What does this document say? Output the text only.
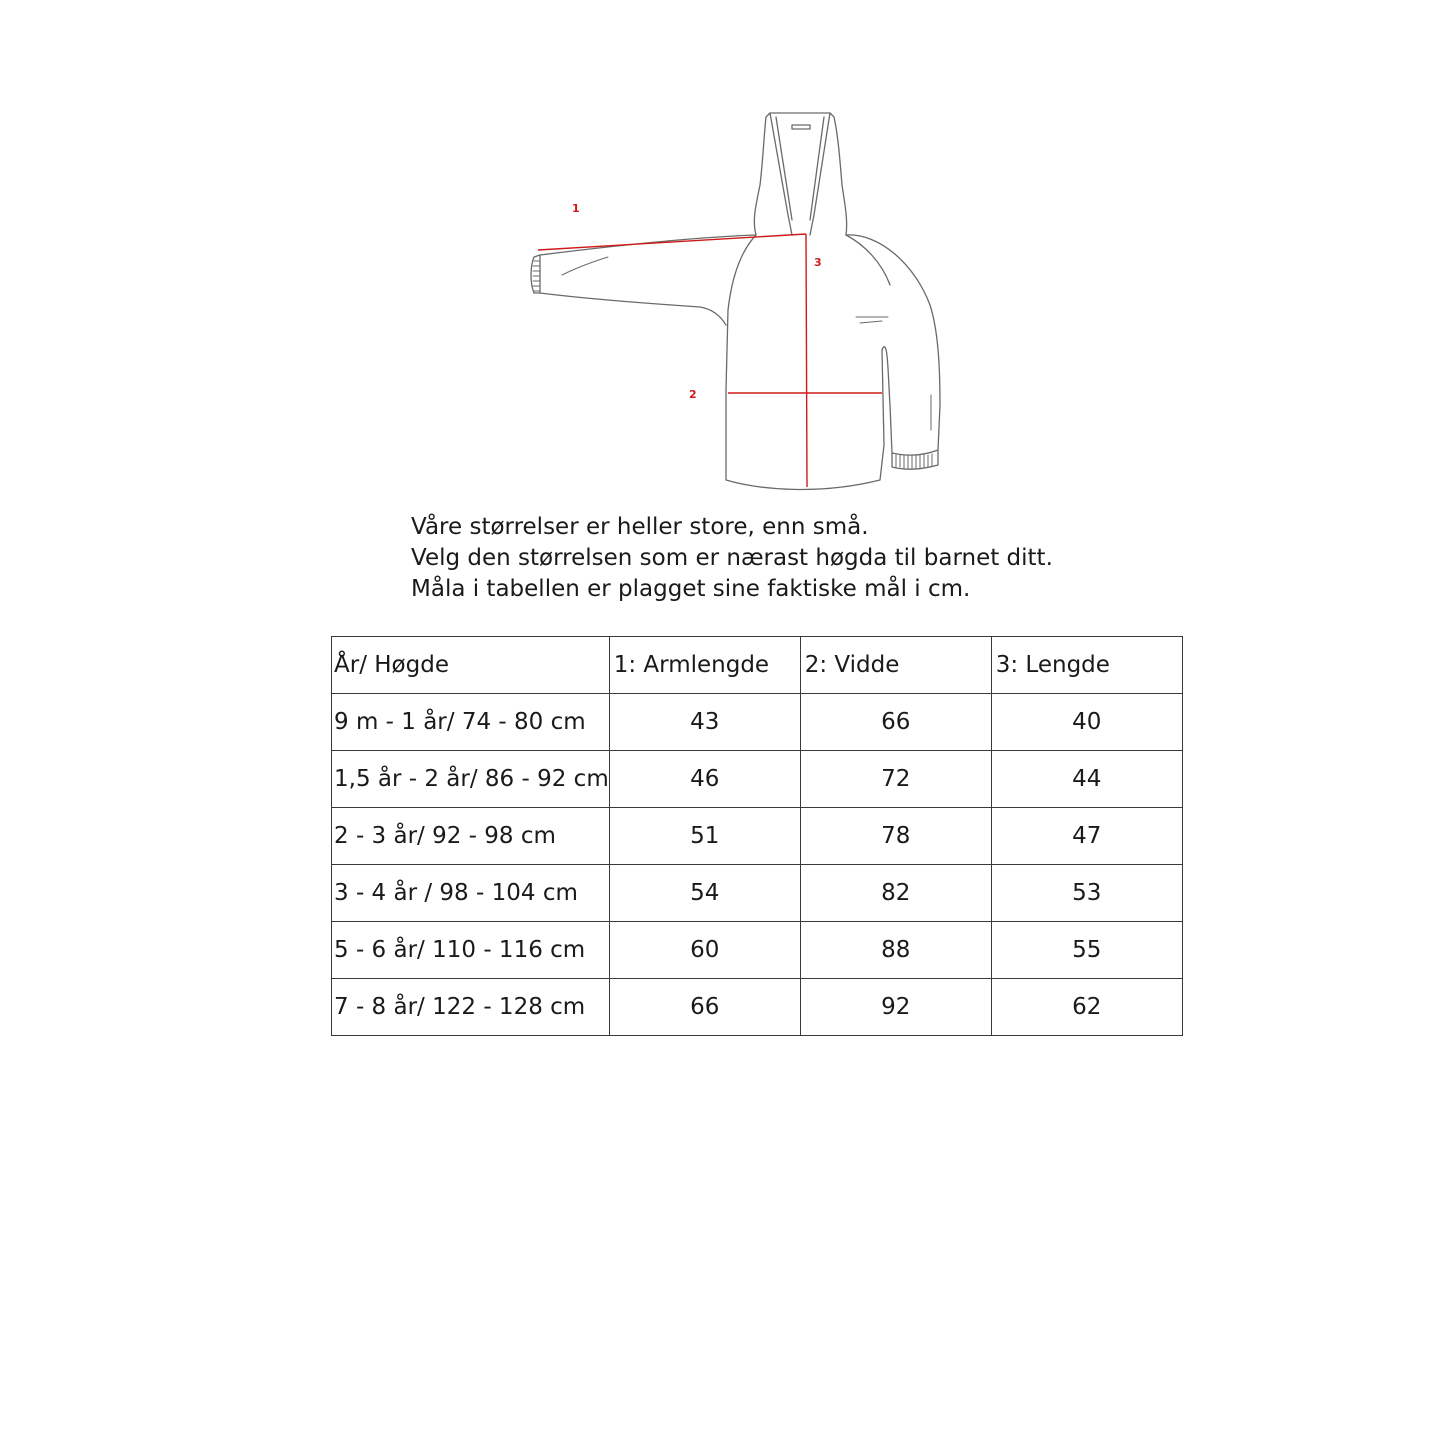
1
2
3
Våre størrelser er heller store, enn små.
Velg den størrelsen som er nærast høgda til barnet ditt.
Måla i tabellen er plagget sine faktiske mål i cm.
År/ Høgde	1: Armlengde	2: Vidde	3: Lengde
9 m - 1 år/ 74 - 80 cm	43	66	40
1,5 år - 2 år/ 86 - 92 cm	46	72	44
2 - 3 år/ 92 - 98 cm	51	78	47
3 - 4 år / 98 - 104 cm	54	82	53
5 - 6 år/ 110 - 116 cm	60	88	55
7 - 8 år/ 122 - 128 cm	66	92	62
